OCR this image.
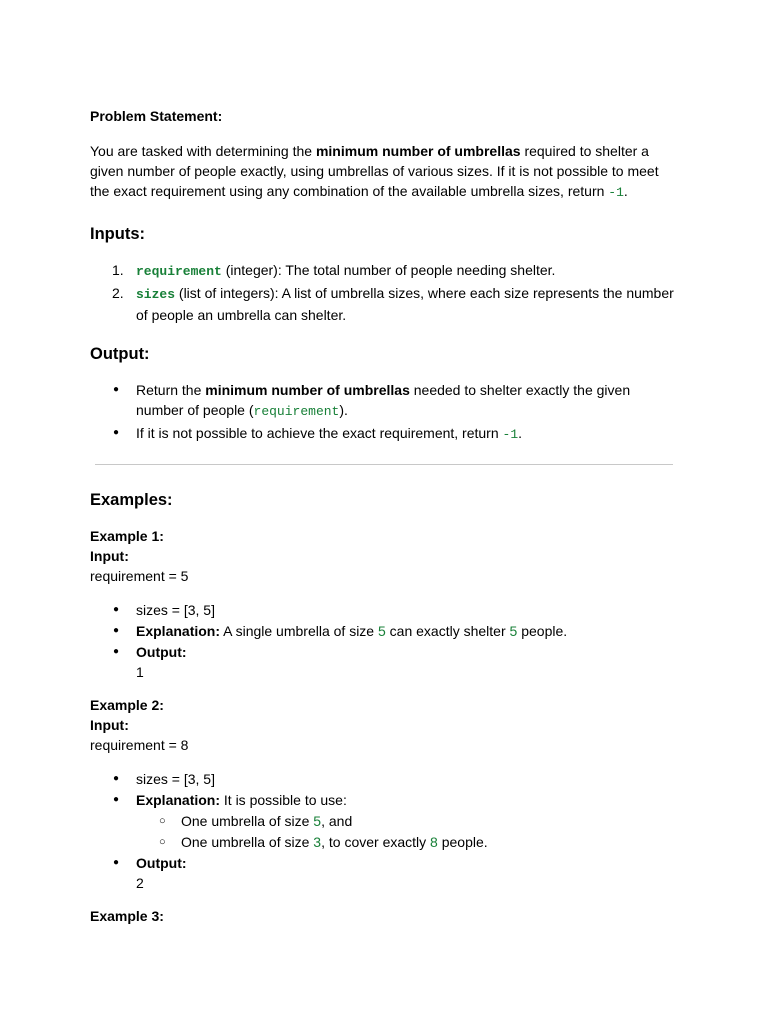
Problem Statement:

You are tasked with determining the minimum number of umbrellas required to shelter a given number of people exactly, using umbrellas of various sizes. If it is not possible to meet the exact requirement using any combination of the available umbrella sizes, return -1.

Inputs:
1. requirement (integer): The total number of people needing shelter.
2. sizes (list of integers): A list of umbrella sizes, where each size represents the number of people an umbrella can shelter.
Output:
● Return the minimum number of umbrellas needed to shelter exactly the given number of people (requirement).
● If it is not possible to achieve the exact requirement, return -1.
Examples:

Example 1:

Input:

requirement = 5

● sizes = [3, 5]
● Explanation: A single umbrella of size 5 can exactly shelter 5 people.
● Output:
1

Example 2:

Input:

requirement = 8

● sizes = [3, 5]
● Explanation: It is possible to use:
○ One umbrella of size 5, and
○ One umbrella of size 3, to cover exactly 8 people.
● Output:
2

Example 3:
